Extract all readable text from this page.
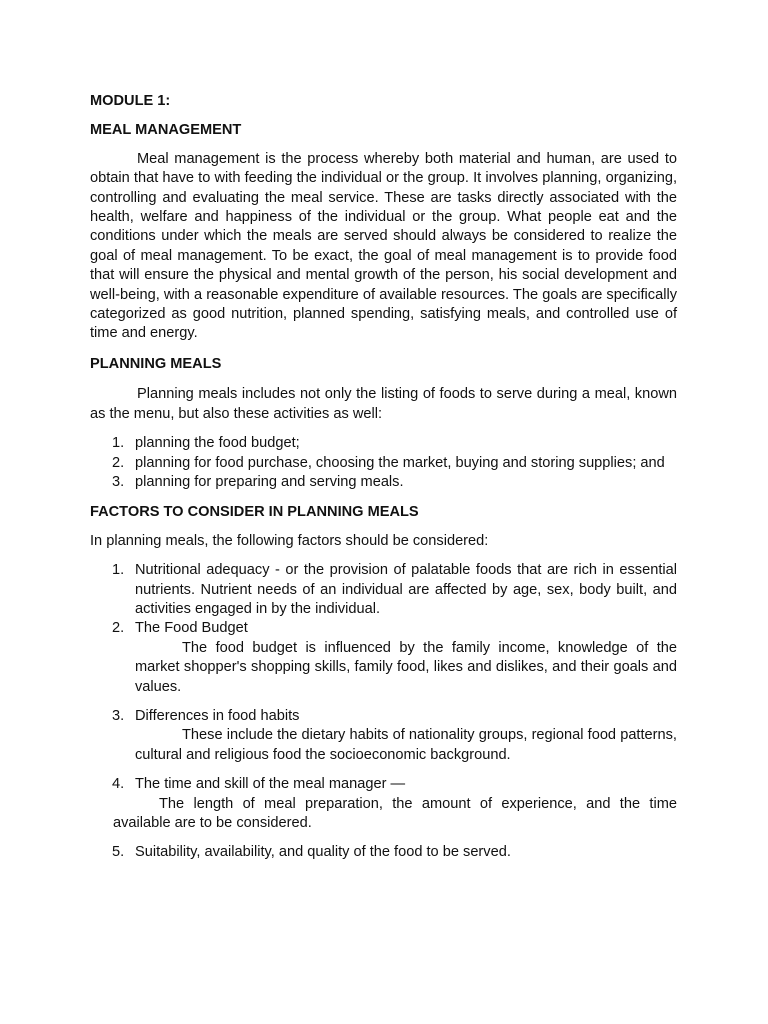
MODULE 1:

MEAL MANAGEMENT

Meal management is the process whereby both material and human, are used to obtain that have to with feeding the individual or the group. It involves planning, organizing, controlling and evaluating the meal service. These are tasks directly associated with the health, welfare and happiness of the individual or the group. What people eat and the conditions under which the meals are served should always be considered to realize the goal of meal management. To be exact, the goal of meal management is to provide food that will ensure the physical and mental growth of the person, his social development and well-being, with a reasonable expenditure of available resources. The goals are specifically categorized as good nutrition, planned spending, satisfying meals, and controlled use of time and energy.

PLANNING MEALS

Planning meals includes not only the listing of foods to serve during a meal, known as the menu, but also these activities as well:

1. planning the food budget;
2. planning for food purchase, choosing the market, buying and storing supplies; and
3. planning for preparing and serving meals.

FACTORS TO CONSIDER IN PLANNING MEALS

In planning meals, the following factors should be considered:

1. Nutritional adequacy - or the provision of palatable foods that are rich in essential nutrients. Nutrient needs of an individual are affected by age, sex, body built, and activities engaged in by the individual.
2. The Food Budget

The food budget is influenced by the family income, knowledge of the market shopper's shopping skills, family food, likes and dislikes, and their goals and values.

3. Differences in food habits

These include the dietary habits of nationality groups, regional food patterns, cultural and religious food the socioeconomic background.

4. The time and skill of the meal manager —

The length of meal preparation, the amount of experience, and the time available are to be considered.

5. Suitability, availability, and quality of the food to be served.
